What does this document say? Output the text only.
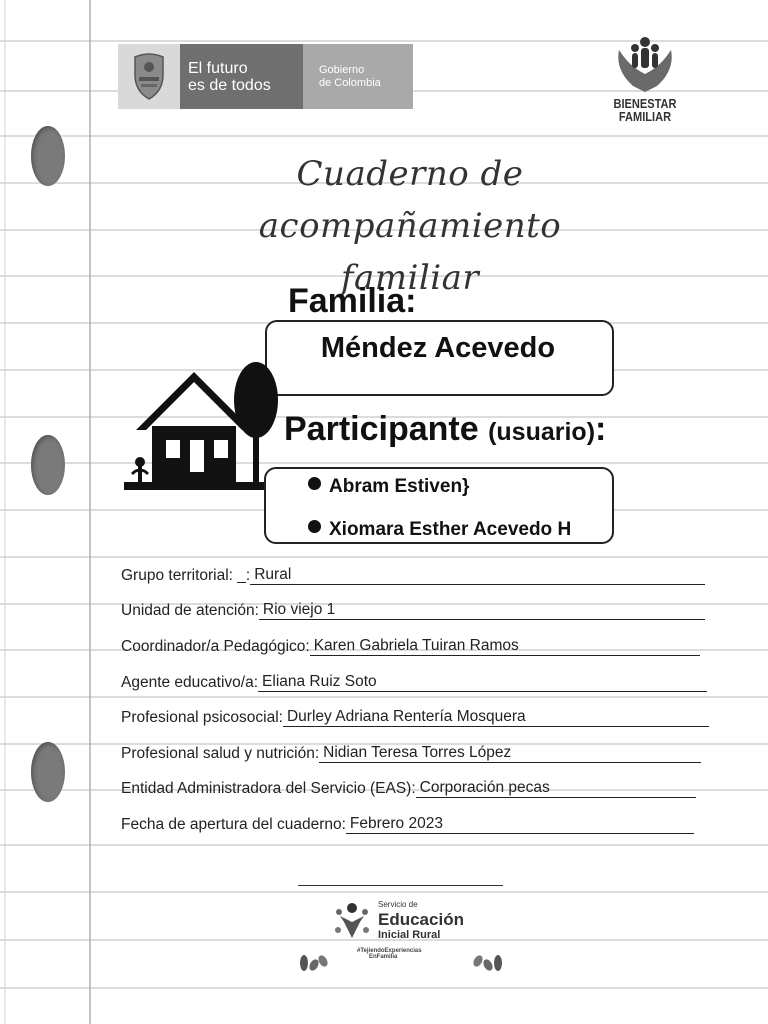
El futuro
es de todos
Gobierno
de Colombia
BIENESTAR
FAMILIAR
Cuaderno de acompañamiento
familiar
Familia:
Méndez Acevedo
Participante (usuario):
Abram Estiven}
Xiomara Esther Acevedo H
Grupo territorial: _: Rural
Unidad de atención: Rio viejo 1
Coordinador/a Pedagógico: Karen Gabriela Tuiran Ramos
Agente educativo/a: Eliana Ruiz Soto
Profesional psicosocial: Durley Adriana Rentería Mosquera
Profesional salud y nutrición: Nidian Teresa Torres López
Entidad Administradora del Servicio (EAS): Corporación pecas
Fecha de apertura del cuaderno: Febrero 2023
Servicio de
Educación
Inicial Rural
#TejiendoExperiencias
EnFamilia
